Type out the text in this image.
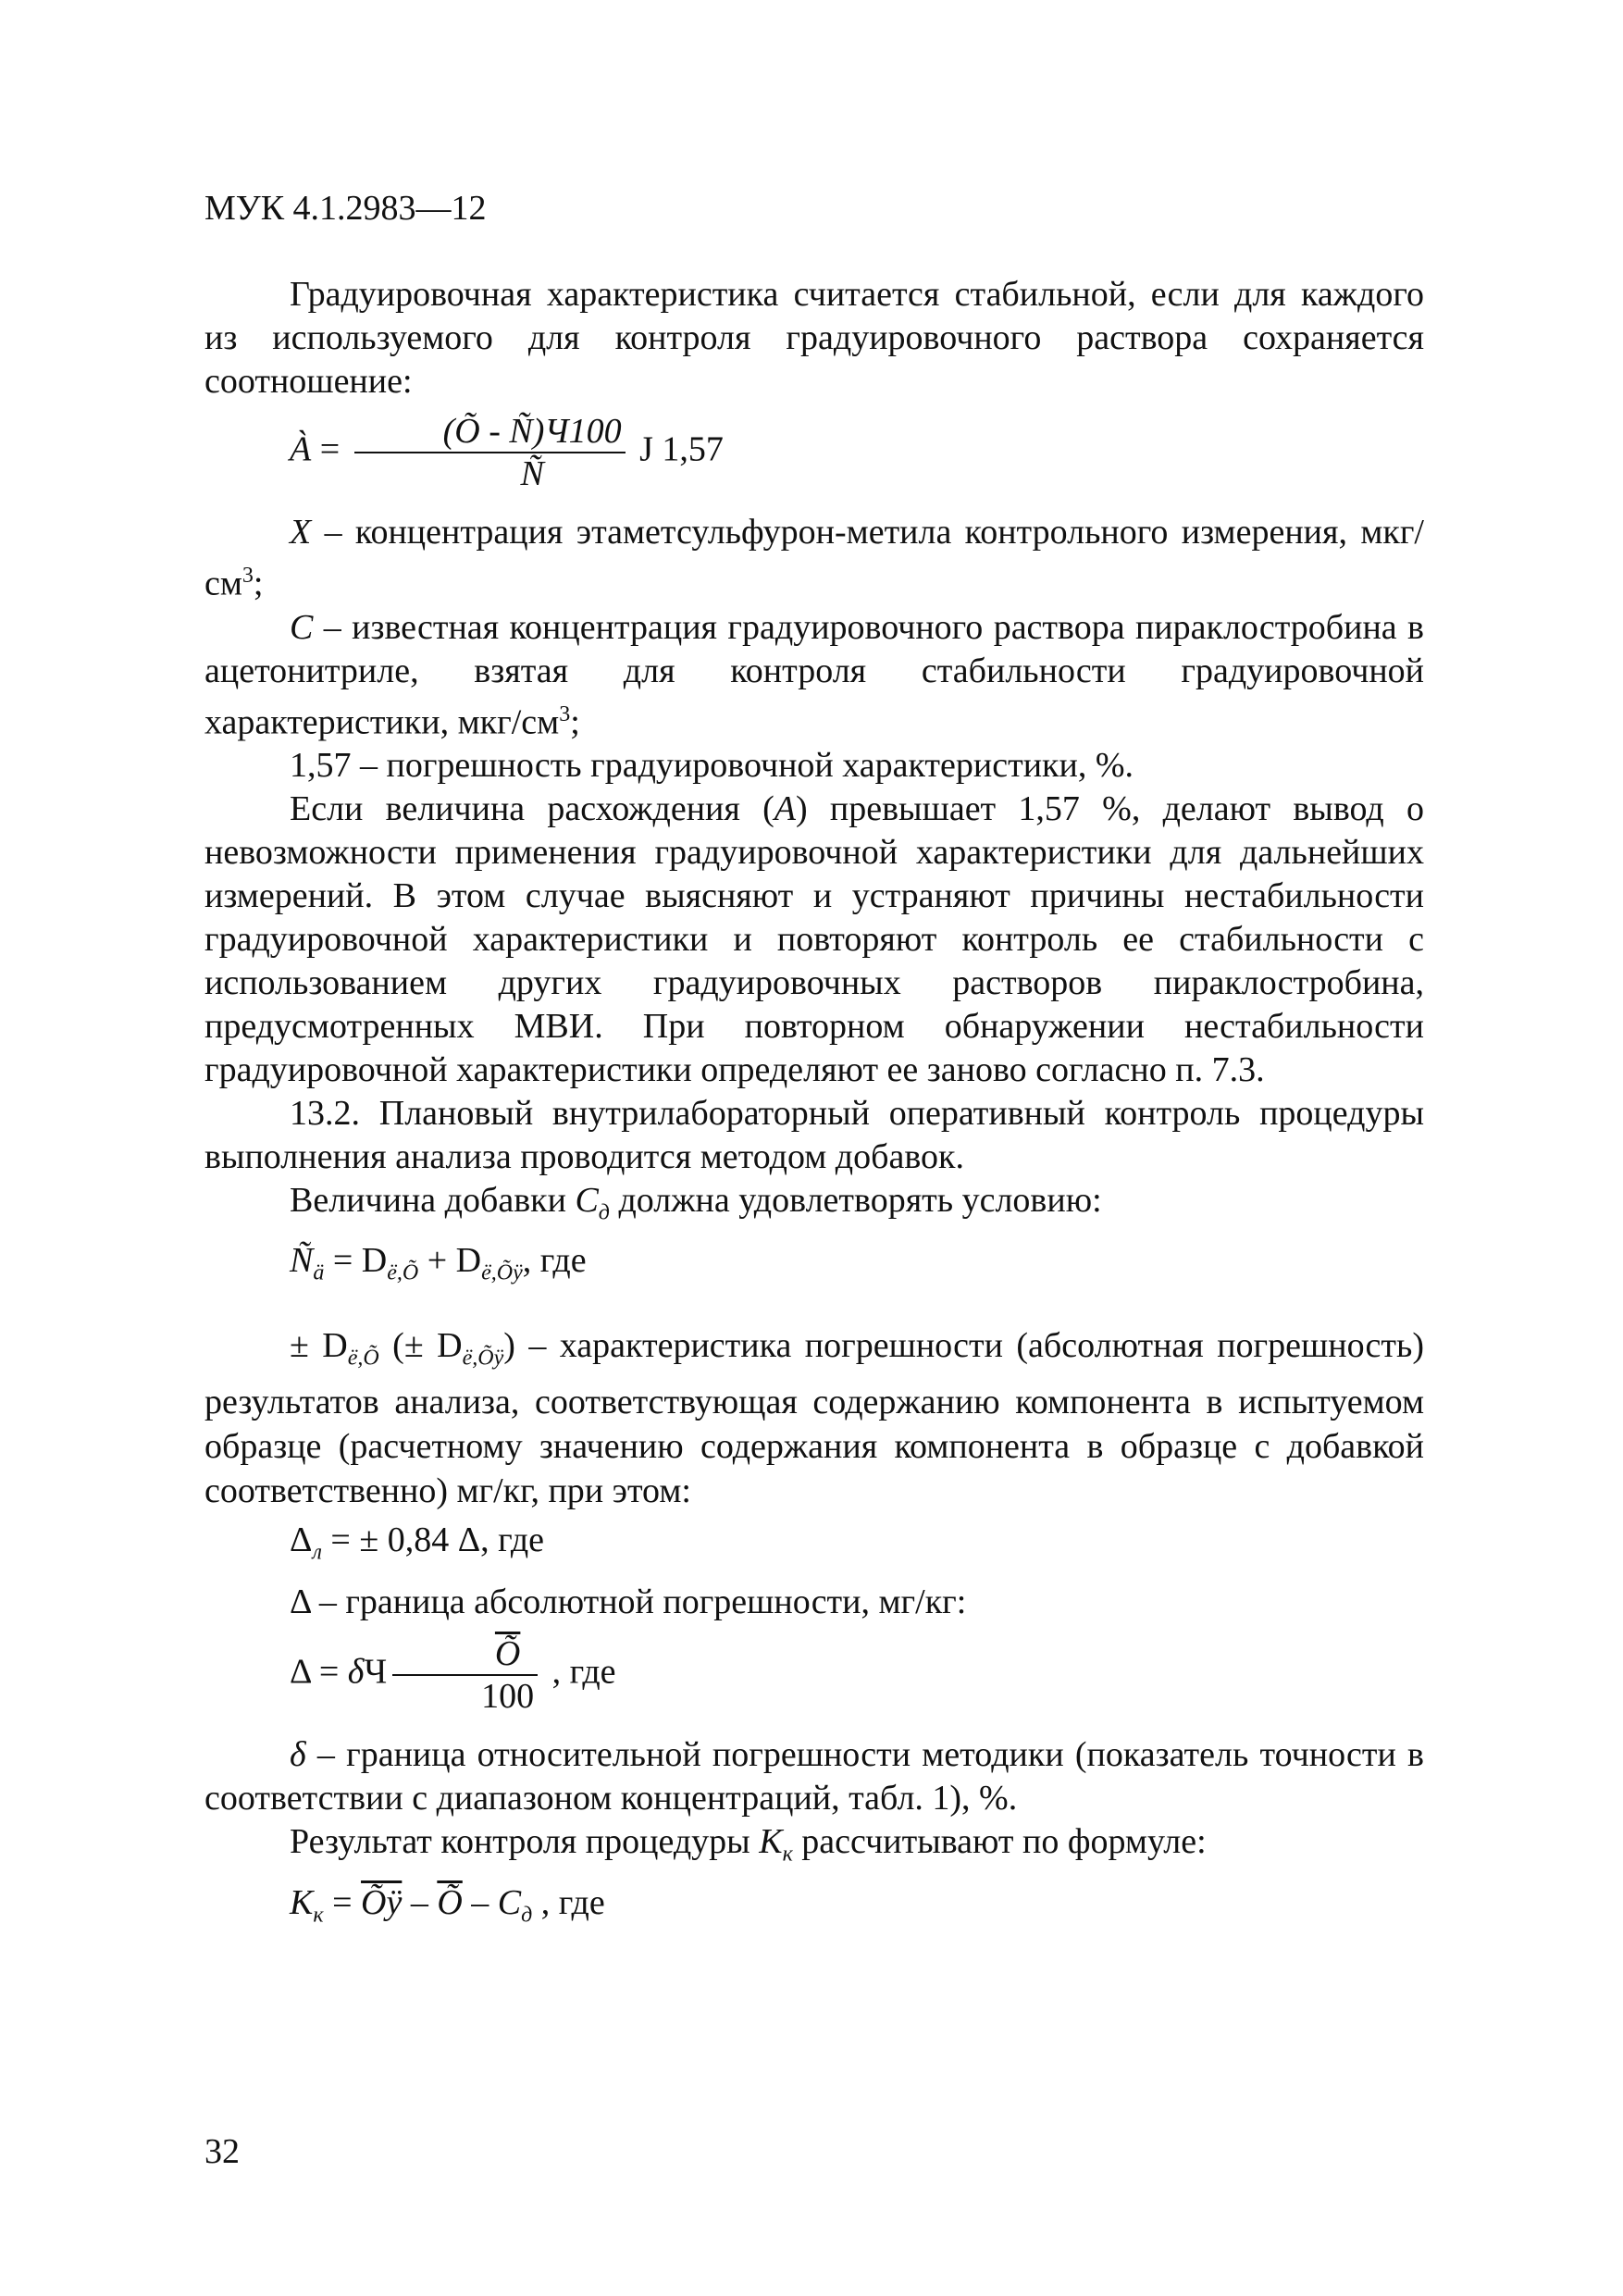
МУК 4.1.2983—12

Градуировочная характеристика считается стабильной, если для каждого из используемого для контроля градуировочного раствора сохраняется соотношение:

À = $\frac{(Õ - Ñ)Ч100}{Ñ}$ J 1,57

X – концентрация этаметсульфурон-метила контрольного измерения, мкг/$см^3$;

C – известная концентрация градуировочного раствора пираклостробина в ацетонитриле, взятая для контроля стабильности градуировочной характеристики, мкг/$см^3$;

1,57 – погрешность градуировочной характеристики, %.

Если величина расхождения (A) превышает 1,57 %, делают вывод о невозможности применения градуировочной характеристики для дальнейших измерений. В этом случае выясняют и устраняют причины нестабильности градуировочной характеристики и повторяют контроль ее стабильности с использованием других градуировочных растворов пираклостробина, предусмотренных МВИ. При повторном обнаружении нестабильности градуировочной характеристики определяют ее заново согласно п. 7.3.

13.2. Плановый внутрилабораторный оперативный контроль процедуры выполнения анализа проводится методом добавок.

Величина добавки $C_д$ должна удовлетворять условию:

$Ñ_ä = D_{ë,Õ} + D_{ë,Õÿ}$, где

± $D_{ë,Õ}$ (± $D_{ë,Õÿ}$) – характеристика погрешности (абсолютная погрешность) результатов анализа, соответствующая содержанию компонента в испытуемом образце (расчетному значению содержания компонента в образце с добавкой соответственно) мг/кг, при этом:

$\Delta_л$ = ± 0,84 Δ, где

Δ – граница абсолютной погрешности, мг/кг:

Δ = δЧ $\frac{\overline{Õ}}{100}$ , где

δ – граница относительной погрешности методики (показатель точности в соответствии с диапазоном концентраций, табл. 1), %.

Результат контроля процедуры $K_к$ рассчитывают по формуле:

$K_к = \overline{Õÿ} - \overline{Õ} - C_д$ , где

32
